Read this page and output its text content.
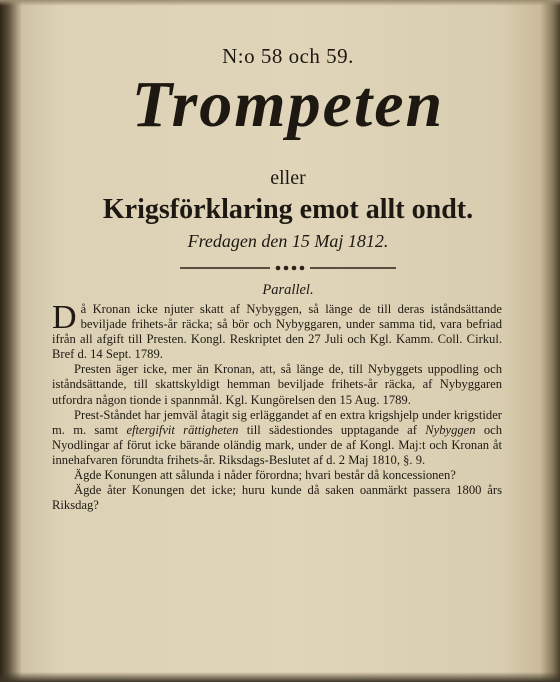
N:o 58 och 59.
Trompeten
eller
Krigsförklaring emot allt ondt.
Fredagen den 15 Maj 1812.
Parallel.

Då Kronan icke njuter skatt af Nybyggen, så länge de till deras iståndsättande beviljade frihets-år räcka; så bör och Nybyggaren, under samma tid, vara befriad ifrån all afgift till Presten. Kongl. Reskriptet den 27 Juli och Kgl. Kamm. Coll. Cirkul. Bref d. 14 Sept. 1789.

Presten äger icke, mer än Kronan, att, så länge de, till Nybyggets uppodling och iståndsättande, till skattskyldigt hemman beviljade frihets-år räcka, af Nybyggaren utfordra någon tionde i spannmål. Kgl. Kungörelsen den 15 Aug. 1789.

Prest-Ståndet har jemväl åtagit sig erläggandet af en extra krigshjelp under krigstider m. m. samt eftergifvit rättigheten till sädestiondes upptagande af Nybyggen och Nyodlingar af förut icke bärande oländig mark, under de af Kongl. Maj:t och Kronan åt innehafvaren förundta frihets-år. Riksdags-Beslutet af d. 2 Maj 1810, §. 9.

Ägde Konungen att sålunda i nåder förordna; hvari består då koncessionen?

Ägde åter Konungen det icke; huru kunde då saken oanmärkt passera 1800 års Riksdag?
